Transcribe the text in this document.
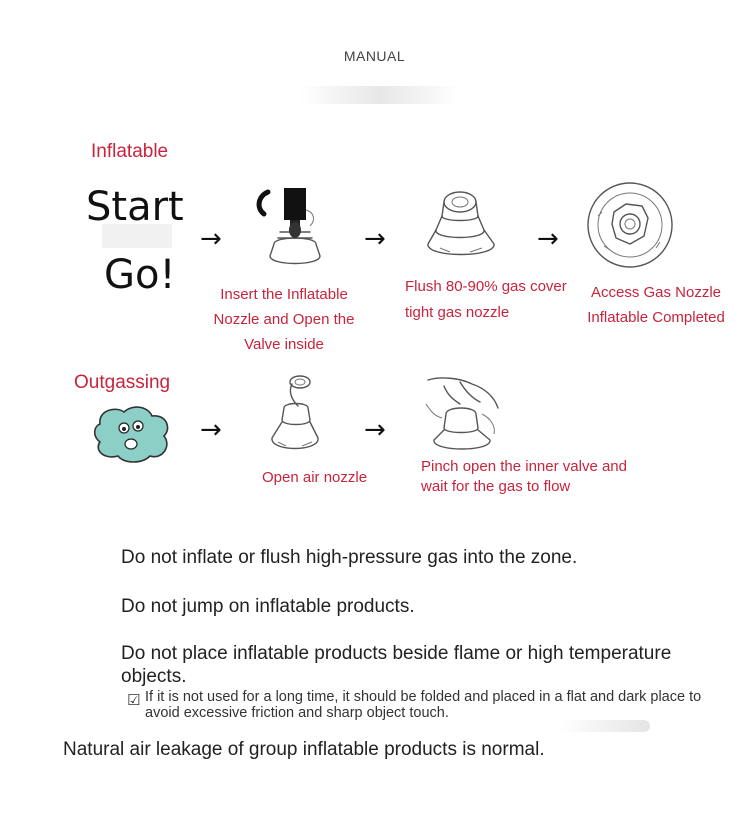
MANUAL
Inflatable
Start
Go!
→
Insert the Inflatable Nozzle and Open the Valve inside
→
Flush 80-90% gas cover tight gas nozzle
→
Access Gas Nozzle Inflatable Completed
Outgassing
→
Open air nozzle
→
Pinch open the inner valve and wait for the gas to flow
Do not inflate or flush high-pressure gas into the zone.
Do not jump on inflatable products.
Do not place inflatable products beside flame or high temperature objects.
☑ If it is not used for a long time, it should be folded and placed in a flat and dark place to avoid excessive friction and sharp object touch.
Natural air leakage of group inflatable products is normal.
